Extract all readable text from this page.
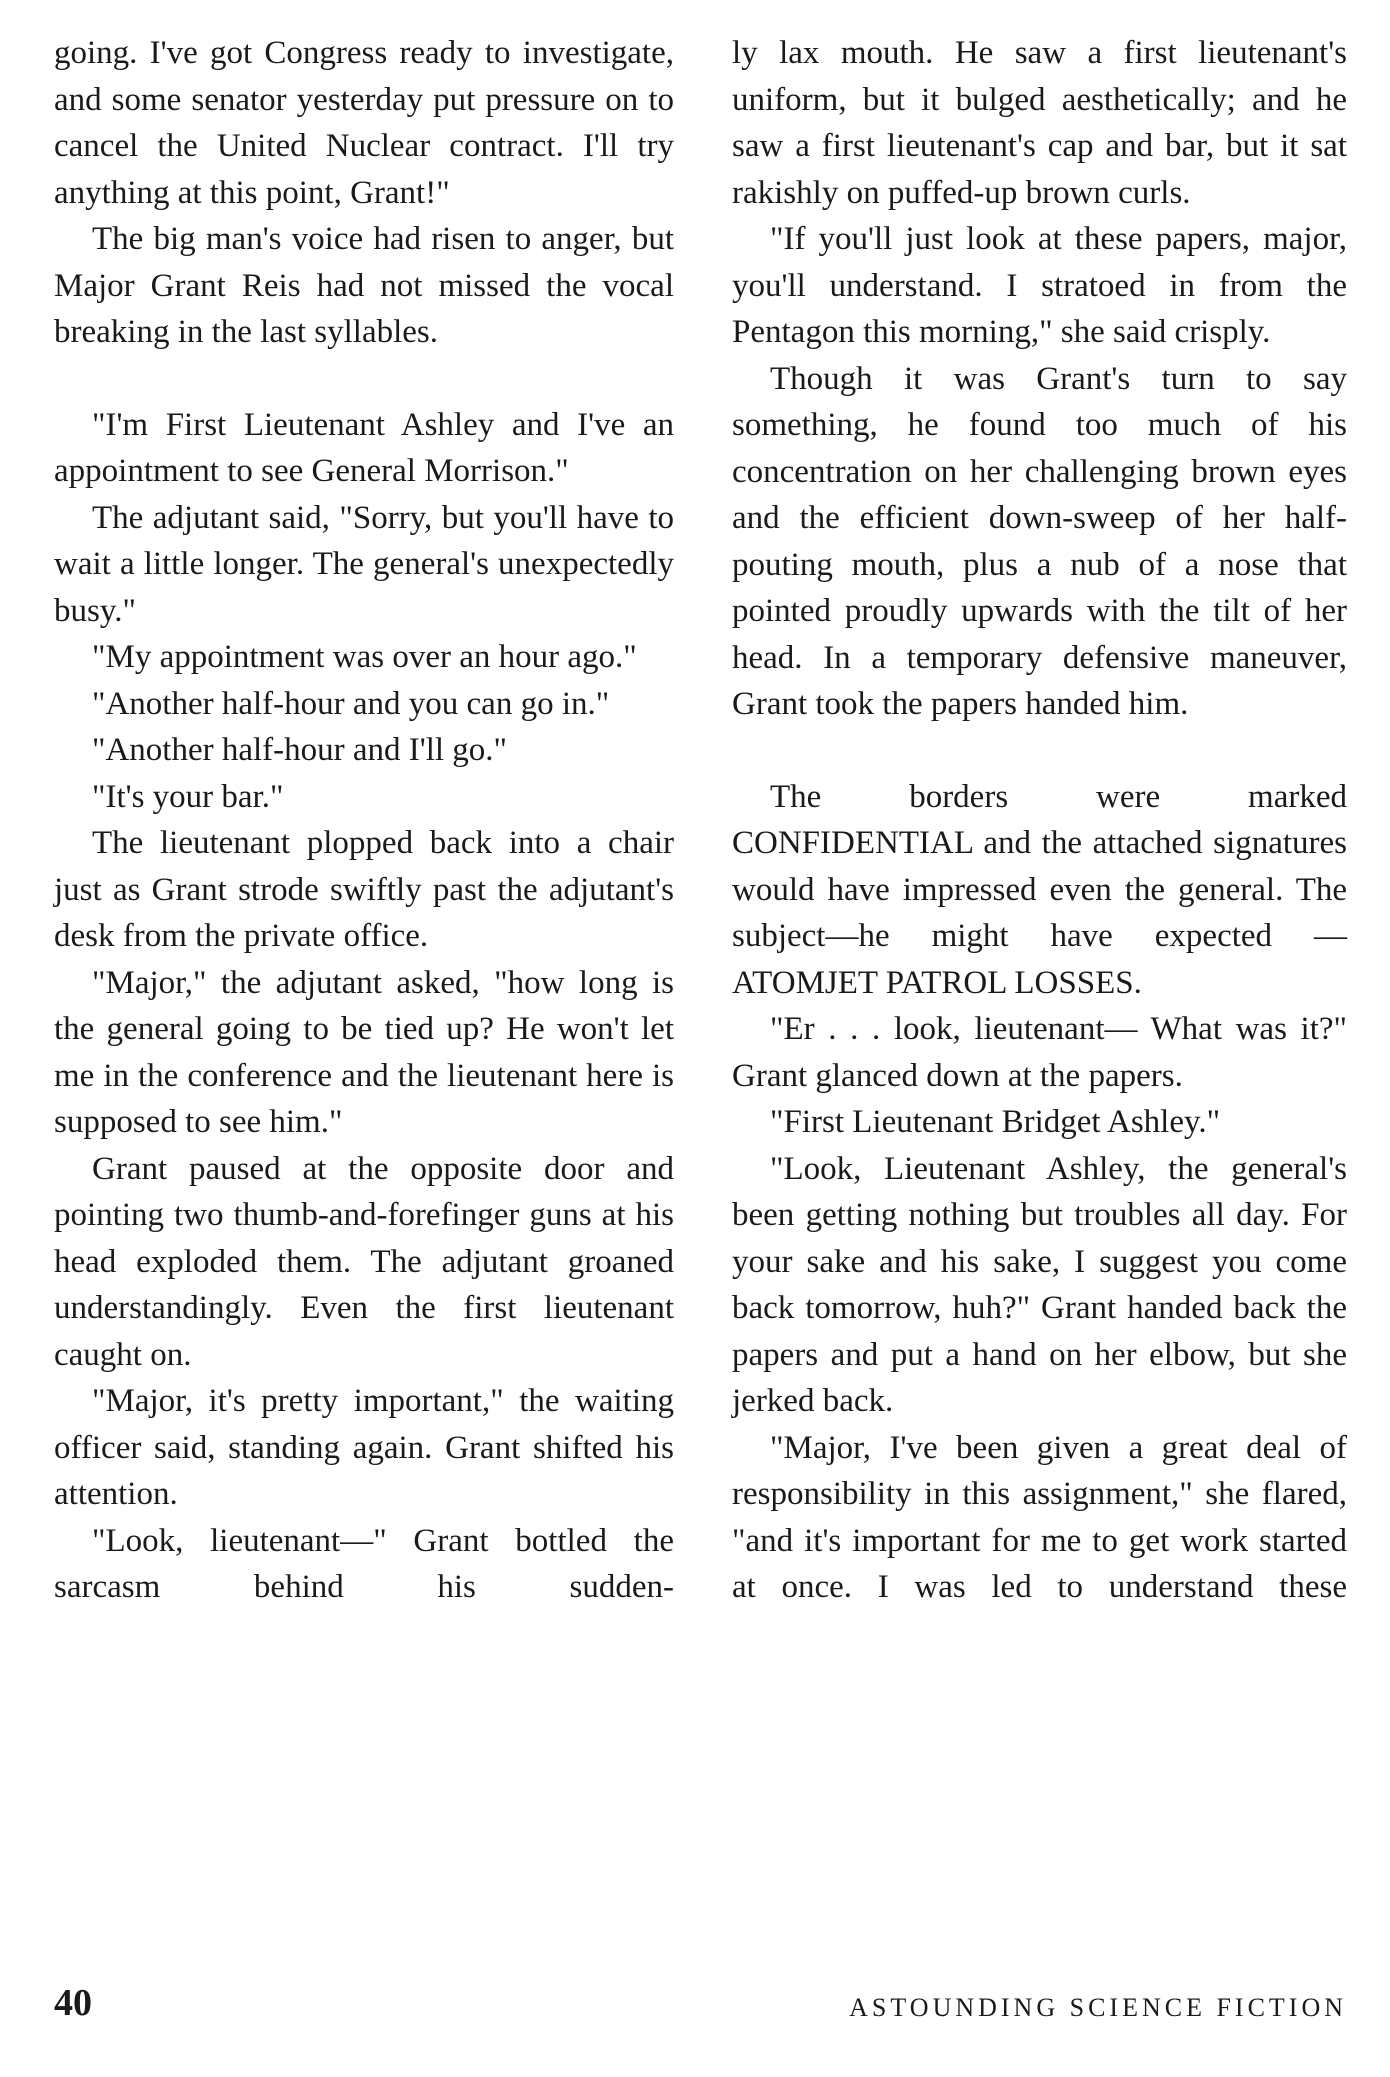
going. I've got Congress ready to investigate, and some senator yesterday put pressure on to cancel the United Nuclear contract. I'll try anything at this point, Grant!"

The big man's voice had risen to anger, but Major Grant Reis had not missed the vocal breaking in the last syllables.

"I'm First Lieutenant Ashley and I've an appointment to see General Morrison."

The adjutant said, "Sorry, but you'll have to wait a little longer. The general's unexpectedly busy."

"My appointment was over an hour ago."

"Another half-hour and you can go in."

"Another half-hour and I'll go."

"It's your bar."

The lieutenant plopped back into a chair just as Grant strode swiftly past the adjutant's desk from the private office.

"Major," the adjutant asked, "how long is the general going to be tied up? He won't let me in the conference and the lieutenant here is supposed to see him."

Grant paused at the opposite door and pointing two thumb-and-forefinger guns at his head exploded them. The adjutant groaned understandingly. Even the first lieutenant caught on.

"Major, it's pretty important," the waiting officer said, standing again. Grant shifted his attention.

"Look, lieutenant—" Grant bottled the sarcasm behind his sudden-

ly lax mouth. He saw a first lieutenant's uniform, but it bulged aesthetically; and he saw a first lieutenant's cap and bar, but it sat rakishly on puffed-up brown curls.

"If you'll just look at these papers, major, you'll understand. I stratoed in from the Pentagon this morning," she said crisply.

Though it was Grant's turn to say something, he found too much of his concentration on her challenging brown eyes and the efficient down-sweep of her half-pouting mouth, plus a nub of a nose that pointed proudly upwards with the tilt of her head. In a temporary defensive maneuver, Grant took the papers handed him.

The borders were marked CONFIDENTIAL and the attached signatures would have impressed even the general. The subject—he might have expected — ATOMJET PATROL LOSSES.

"Er . . . look, lieutenant— What was it?" Grant glanced down at the papers.

"First Lieutenant Bridget Ashley."

"Look, Lieutenant Ashley, the general's been getting nothing but troubles all day. For your sake and his sake, I suggest you come back tomorrow, huh?" Grant handed back the papers and put a hand on her elbow, but she jerked back.

"Major, I've been given a great deal of responsibility in this assignment," she flared, "and it's important for me to get work started at once. I was led to understand these

40	ASTOUNDING SCIENCE FICTION
